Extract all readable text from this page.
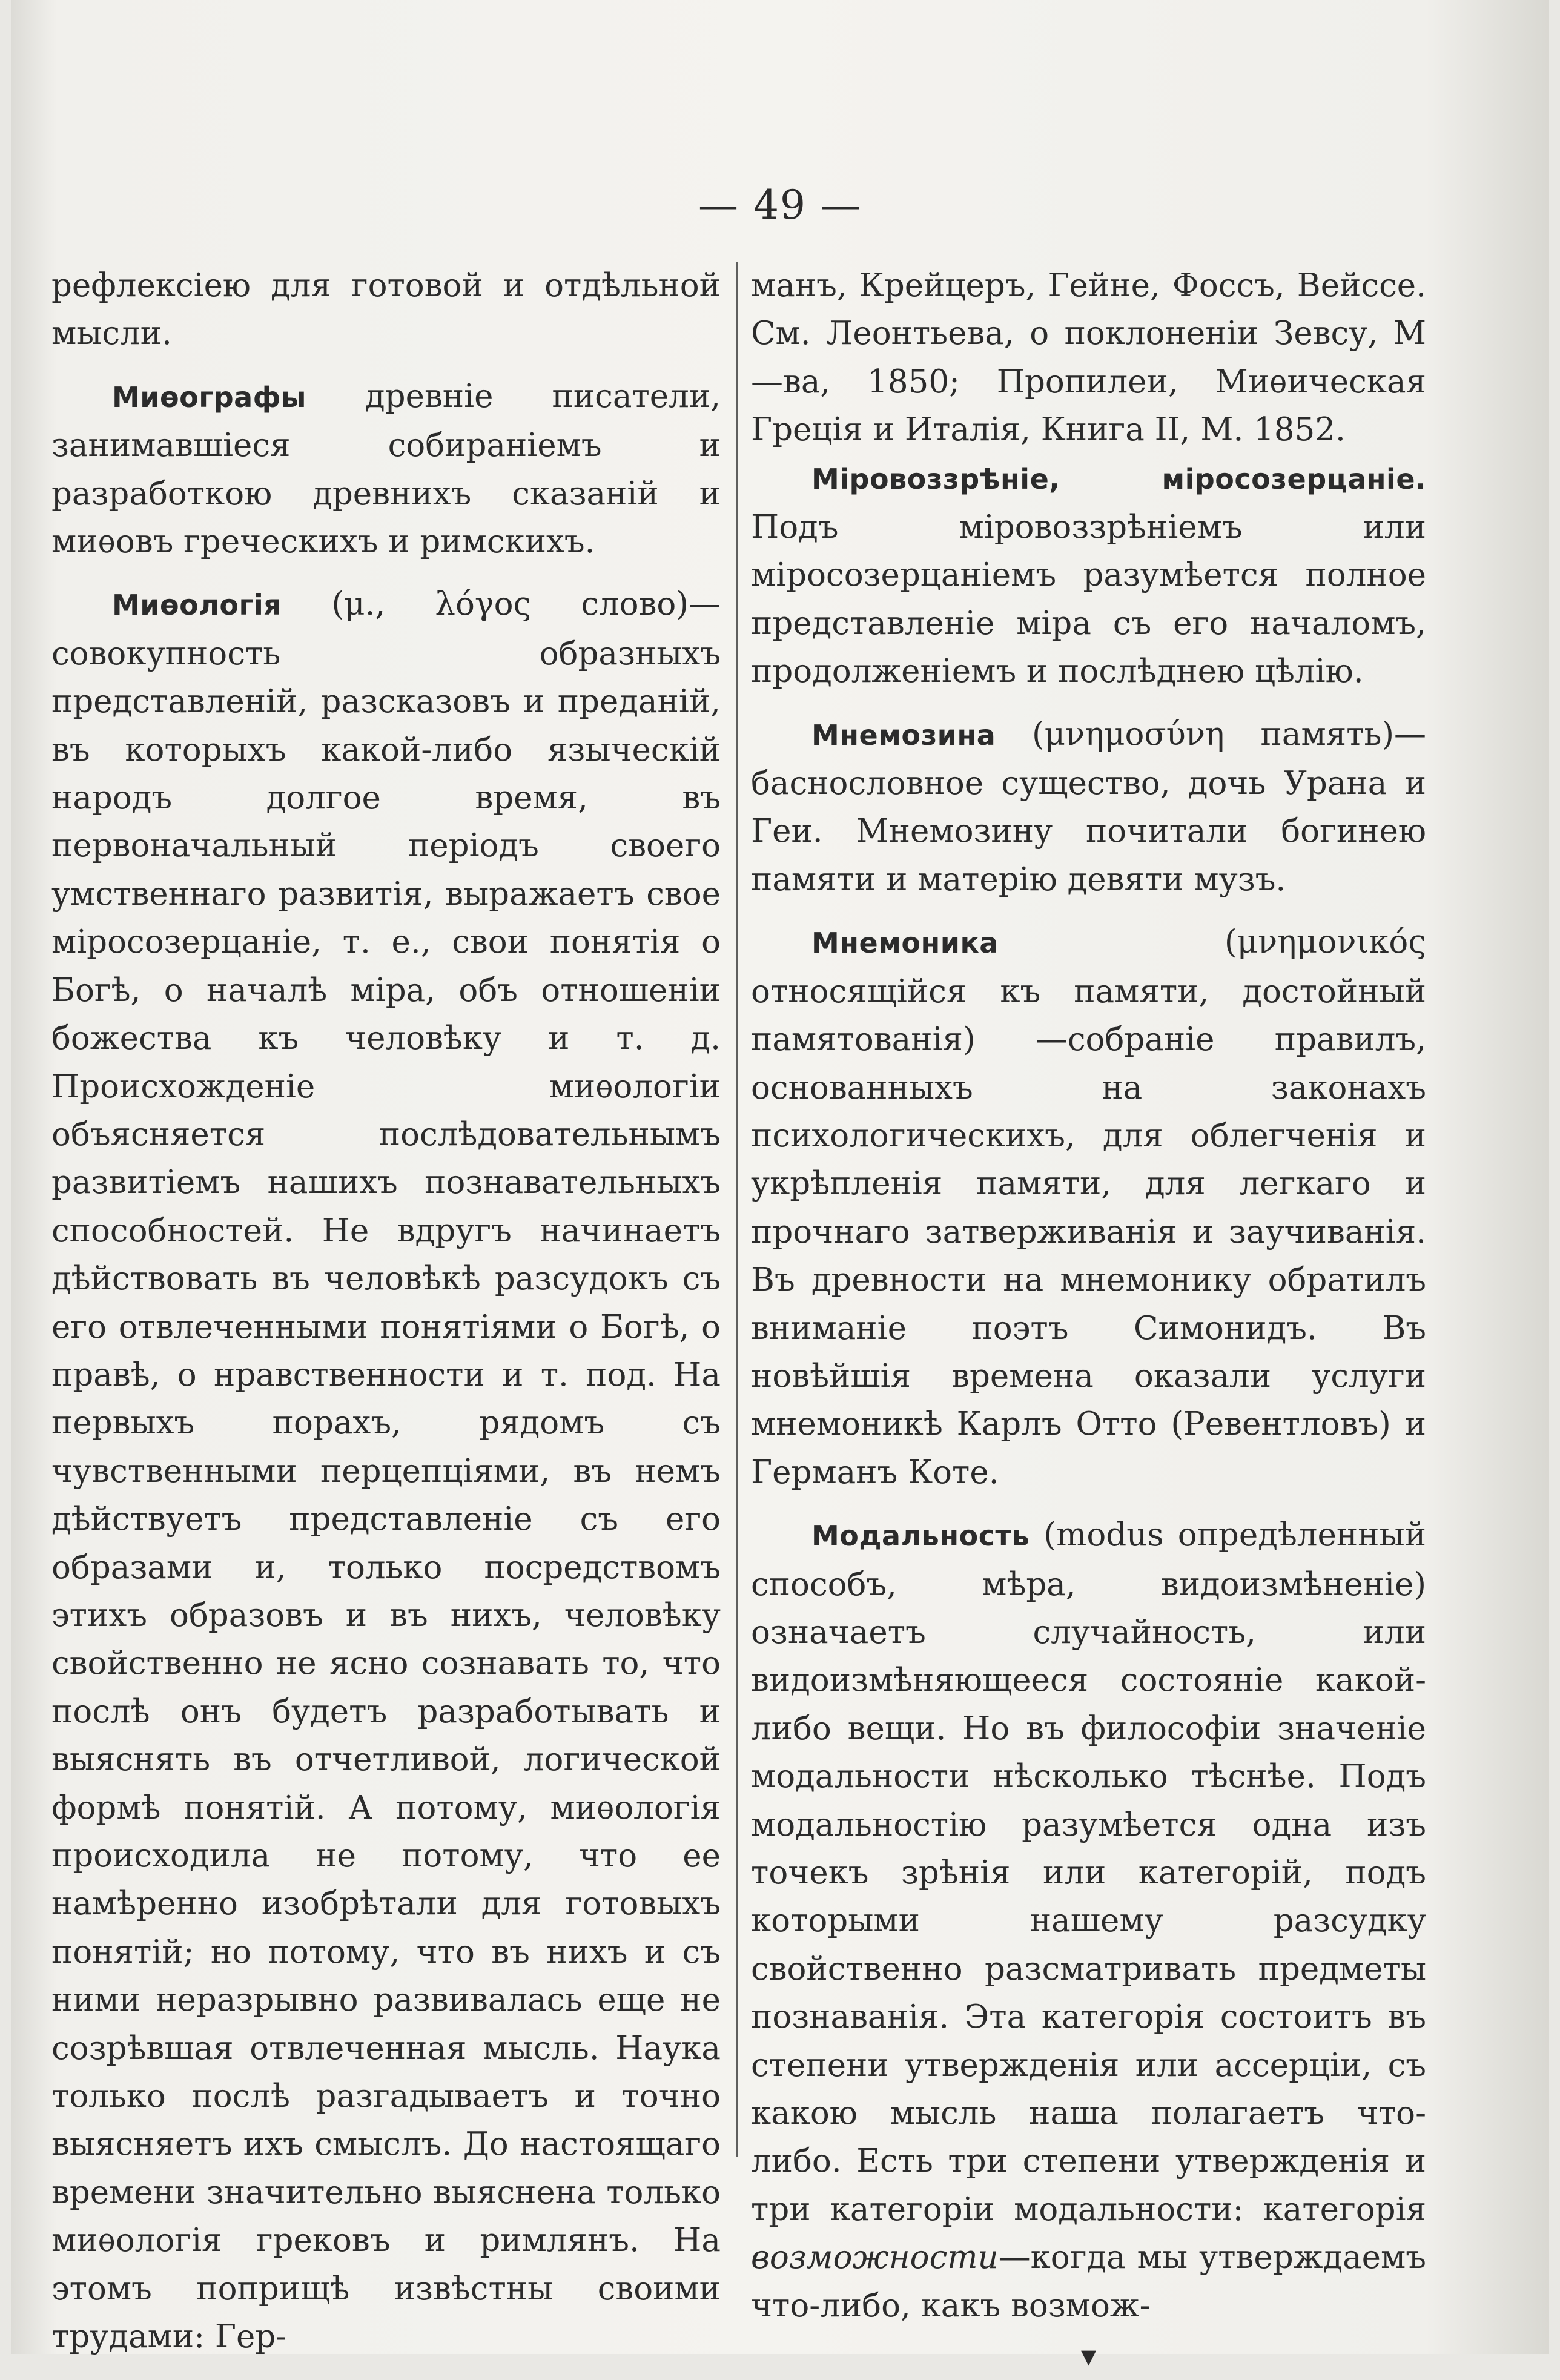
— 49 —

рефлексiею для готовой и отдѣльной мысли.

Миѳографы древнiе писатели, занимавшiеся собиранiемъ и разработкою древнихъ сказанiй и миѳовъ греческихъ и римскихъ.

Миѳологiя (μ., λόγος слово)—совокупность образныхъ представленiй, разсказовъ и преданiй, въ которыхъ какой-либо языческiй народъ долгое время, въ первоначальный перiодъ своего умственнаго развитiя, выражаетъ свое мiросозерцанiе, т. е., свои понятiя о Богѣ, о началѣ мiра, объ отношенiи божества къ человѣку и т. д. Происхожденiе миѳологiи объясняется послѣдовательнымъ развитiемъ нашихъ познавательныхъ способностей. Не вдругъ начинаетъ дѣйствовать въ человѣкѣ разсудокъ съ его отвлеченными понятiями о Богѣ, о правѣ, о нравственности и т. под. На первыхъ порахъ, рядомъ съ чувственными перцепцiями, въ немъ дѣйствуетъ представленiе съ его образами и, только посредствомъ этихъ образовъ и въ нихъ, человѣку свойственно не ясно сознавать то, что послѣ онъ будетъ разработывать и выяснять въ отчетливой, логической формѣ понятiй. А потому, миѳологiя происходила не потому, что ее намѣренно изобрѣтали для готовыхъ понятiй; но потому, что въ нихъ и съ ними неразрывно развивалась еще не созрѣвшая отвлеченная мысль. Наука только послѣ разгадываетъ и точно выясняетъ ихъ смыслъ. До настоящаго времени значительно выяснена только миѳологiя грековъ и римлянъ. На этомъ поприщѣ извѣстны своими трудами: Гер-

манъ, Крейцеръ, Гейне, Фоссъ, Вейссе. См. Леонтьева, о поклоненiи Зевсу, М—ва, 1850; Пропилеи, Миѳическая Грецiя и Италiя, Книга II, М. 1852.

Мiровоззрѣнiе, мiросозерцанiе. Подъ мiровоззрѣнiемъ или мiросозерцанiемъ разумѣется полное представленiе мiра съ его началомъ, продолженiемъ и послѣднею цѣлiю.

Мнемозина (μνημοσύνη память)—баснословное существо, дочь Урана и Геи. Мнемозину почитали богинею памяти и матерiю девяти музъ.

Мнемоника (μνημονικός относящiйся къ памяти, достойный памятованiя) —собранiе правилъ, основанныхъ на законахъ психологическихъ, для облегченiя и укрѣпленiя памяти, для легкаго и прочнаго затверживанiя и заучиванiя. Въ древности на мнемонику обратилъ вниманiе поэтъ Симонидъ. Въ новѣйшiя времена оказали услуги мнемоникѣ Карлъ Отто (Ревентловъ) и Германъ Коте.

Модальность (modus опредѣленный способъ, мѣра, видоизмѣненiе) означаетъ случайность, или видоизмѣняющееся состоянiе какой-либо вещи. Но въ философiи значенiе модальности нѣсколько тѣснѣе. Подъ модальностiю разумѣется одна изъ точекъ зрѣнiя или категорiй, подъ которыми нашему разсудку свойственно разсматривать предметы познаванiя. Эта категорiя состоитъ въ степени утвержденiя или ассерцiи, съ какою мысль наша полагаетъ что-либо. Есть три степени утвержденiя и три категорiи модальности: категорiя возможности—когда мы утверждаемъ что-либо, какъ возмож-

▾
